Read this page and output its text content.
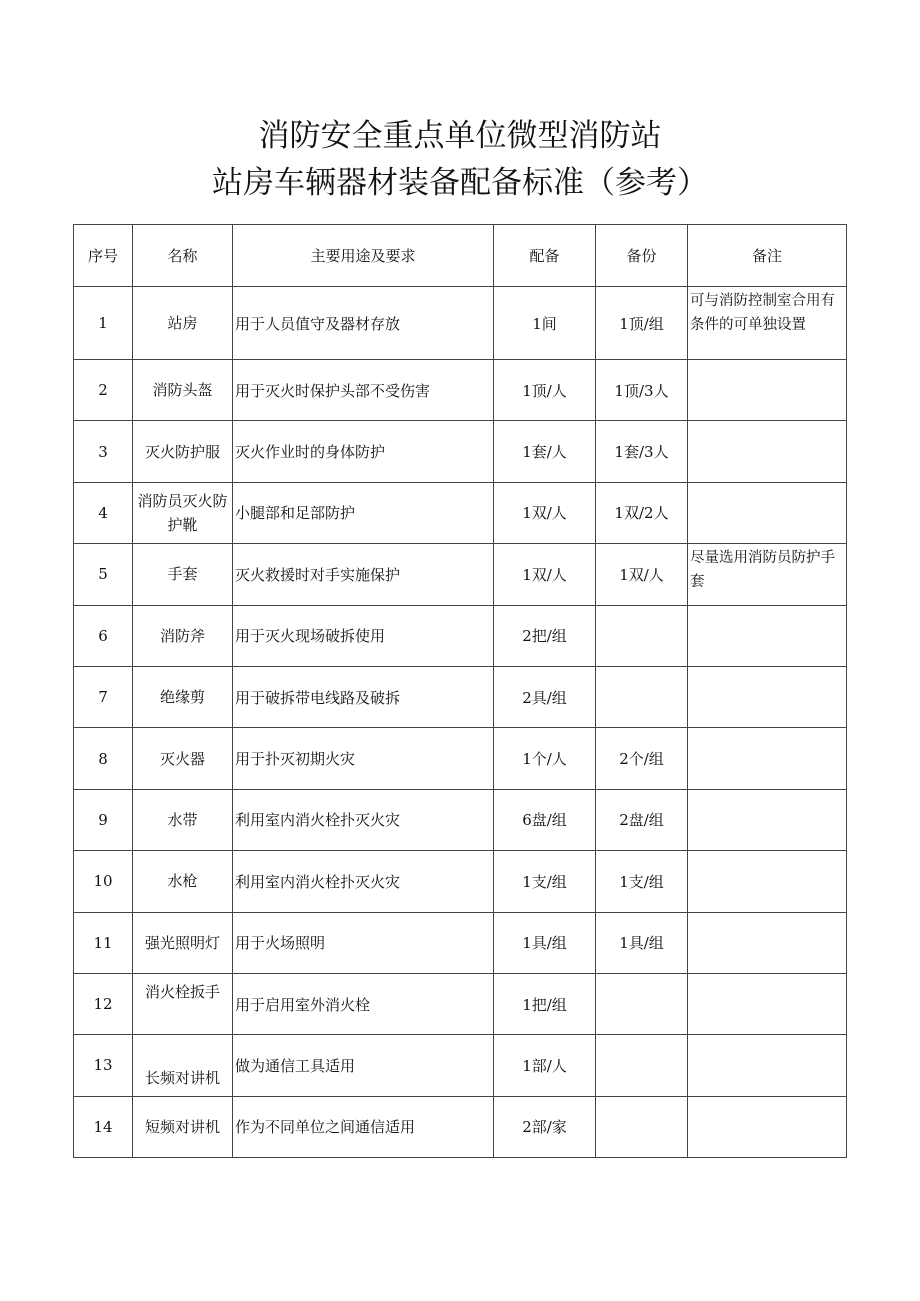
消防安全重点单位微型消防站
站房车辆器材装备配备标准（参考）
序号	名称	主要用途及要求	配备	备份	备注
1	站房	用于人员值守及器材存放	1间	1顶/组	可与消防控制室合用有条件的可单独设置
2	消防头盔	用于灭火时保护头部不受伤害	1顶/人	1顶/3人	
3	灭火防护服	灭火作业时的身体防护	1套/人	1套/3人	
4	消防员灭火防护靴	小腿部和足部防护	1双/人	1双/2人	
5	手套	灭火救援时对手实施保护	1双/人	1双/人	尽量选用消防员防护手套
6	消防斧	用于灭火现场破拆使用	2把/组		
7	绝缘剪	用于破拆带电线路及破拆	2具/组		
8	灭火器	用于扑灭初期火灾	1个/人	2个/组	
9	水带	利用室内消火栓扑灭火灾	6盘/组	2盘/组	
10	水枪	利用室内消火栓扑灭火灾	1支/组	1支/组	
11	强光照明灯	用于火场照明	1具/组	1具/组	
12	消火栓扳手	用于启用室外消火栓	1把/组		
13	长频对讲机	做为通信工具适用	1部/人		
14	短频对讲机	作为不同单位之间通信适用	2部/家		
